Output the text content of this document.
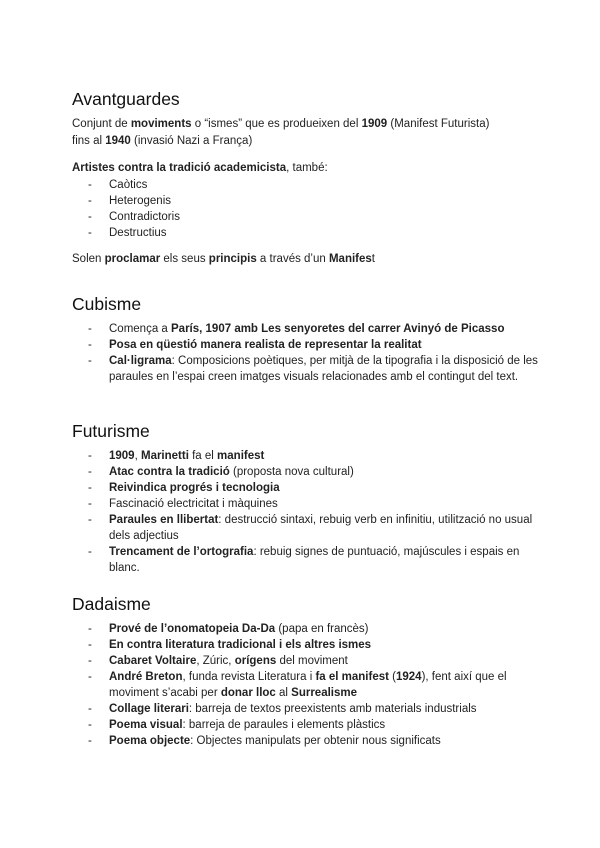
Avantguardes

Conjunt de moviments o “ismes” que es produeixen del 1909 (Manifest Futurista)

fins al 1940 (invasió Nazi a França)

Artistes contra la tradició academicista, també:

- Caòtics
- Heterogenis
- Contradictoris
- Destructius

Solen proclamar els seus principis a través d’un Manifest

Cubisme
- Comença a París, 1907 amb Les senyoretes del carrer Avinyó de Picasso
- Posa en qüestió manera realista de representar la realitat
- Cal·ligrama: Composicions poètiques, per mitjà de la tipografia i la disposició de les paraules en l’espai creen imatges visuals relacionades amb el contingut del text.
Futurisme
- 1909, Marinetti fa el manifest
- Atac contra la tradició (proposta nova cultural)
- Reivindica progrés i tecnologia
- Fascinació electricitat i màquines
- Paraules en llibertat: destrucció sintaxi, rebuig verb en infinitiu, utilització no usual dels adjectius
- Trencament de l’ortografia: rebuig signes de puntuació, majúscules i espais en blanc.
Dadaisme
- Prové de l’onomatopeia Da-Da (papa en francès)
- En contra literatura tradicional i els altres ismes
- Cabaret Voltaire, Zúric, orígens del moviment
- André Breton, funda revista Literatura i fa el manifest (1924), fent així que el moviment s’acabi per donar lloc al Surrealisme
- Collage literari: barreja de textos preexistents amb materials industrials
- Poema visual: barreja de paraules i elements plàstics
- Poema objecte: Objectes manipulats per obtenir nous significats
